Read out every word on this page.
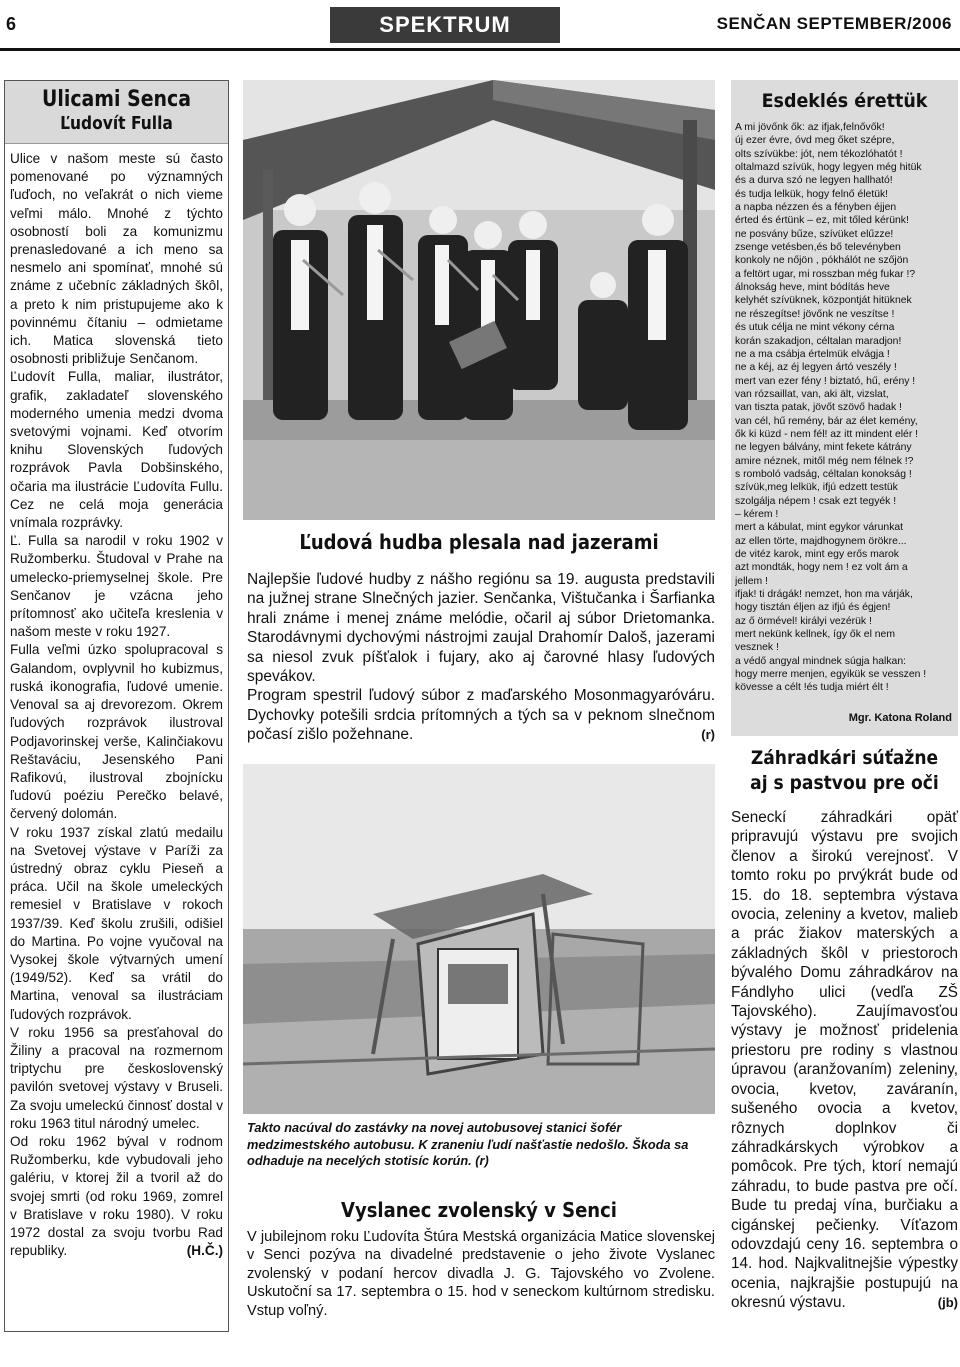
6	SPEKTRUM	SENČAN SEPTEMBER/2006
Ulicami Senca
Ľudovít Fulla

Ulice v našom meste sú často pomenované po významných ľuďoch, no veľakrát o nich vieme veľmi málo. Mnohé z týchto osobností boli za komunizmu prenasledované a ich meno sa nesmelo ani spomínať, mnohé sú známe z učebníc základných škôl, a preto k nim pristupujeme ako k povinnému čítaniu – odmietame ich. Matica slovenská tieto osobnosti približuje Senčanom.

Ľudovít Fulla, maliar, ilustrátor, grafik, zakladateľ slovenského moderného umenia medzi dvoma svetovými vojnami. Keď otvorím knihu Slovenských ľudových rozprávok Pavla Dobšinského, očaria ma ilustrácie Ľudovíta Fullu. Cez ne celá moja generácia vnímala rozprávky.

Ľ. Fulla sa narodil v roku 1902 v Ružomberku. Študoval v Prahe na umelecko-priemyselnej škole. Pre Senčanov je vzácna jeho prítomnosť ako učiteľa kreslenia v našom meste v roku 1927.

Fulla veľmi úzko spolupracoval s Galandom, ovplyvnil ho kubizmus, ruská ikonografia, ľudové umenie. Venoval sa aj drevorezom. Okrem ľudových rozprávok ilustroval Podjavorinskej verše, Kalinčiakovu Reštaváciu, Jesenského Pani Rafikovú, ilustroval zbojnícku ľudovú poéziu Perečko belavé, červený dolomán.

V roku 1937 získal zlatú medailu na Svetovej výstave v Paríži za ústredný obraz cyklu Pieseň a práca. Učil na škole umeleckých remesiel v Bratislave v rokoch 1937/39. Keď školu zrušili, odišiel do Martina. Po vojne vyučoval na Vysokej škole výtvarných umení (1949/52). Keď sa vrátil do Martina, venoval sa ilustráciam ľudových rozprávok.

V roku 1956 sa presťahoval do Žiliny a pracoval na rozmernom triptychu pre československý pavilón svetovej výstavy v Bruseli. Za svoju umeleckú činnosť dostal v roku 1963 titul národný umelec.

Od roku 1962 býval v rodnom Ružomberku, kde vybudovali jeho galériu, v ktorej žil a tvoril až do svojej smrti (od roku 1969, zomrel v Bratislave v roku 1980). V roku 1972 dostal za svoju tvorbu Rad republiky.	(H.Č.)

Ľudová hudba plesala nad jazerami

Najlepšie ľudové hudby z nášho regiónu sa 19. augusta predstavili na južnej strane Slnečných jazier. Senčanka, Vištučanka i Šarfianka hrali známe i menej známe melódie, očaril aj súbor Drietomanka. Starodávnymi dychovými nástrojmi zaujal Drahomír Daloš, jazerami sa niesol zvuk píšťalok i fujary, ako aj čarovné hlasy ľudových spevákov.

Program spestril ľudový súbor z maďarského Mosonmagyaróváru. Dychovky potešili srdcia prítomných a tých sa v peknom slnečnom počasí zišlo požehnane.	(r)

Takto nacúval do zastávky na novej autobusovej stanici šofér medzimestského autobusu. K zraneniu ľudí našťastie nedošlo. Škoda sa odhaduje na necelých stotisíc korún. (r)
Vyslanec zvolenský v Senci
V jubilejnom roku Ľudovíta Štúra Mestská organizácia Matice slovenskej v Senci pozýva na divadelné predstavenie o jeho živote Vyslanec zvolenský v podaní hercov divadla J. G. Tajovského vo Zvolene. Uskutoční sa 17. septembra o 15. hod v seneckom kultúrnom stredisku. Vstup voľný.
Esdeklés érettük
A mi jövőnk ők: az ifjak,felnővők!
új ezer évre, óvd meg őket szépre,
olts szívükbe: jót, nem tékozlóhatót !
oltalmazd szívük, hogy legyen még hitük
és a durva szó ne legyen hallható!
és tudja lelkük, hogy felnő életük!
a napba nézzen és a fényben éjjen
érted és értünk – ez, mit tőled kérünk!
ne posvány bűze, szívüket elűzze!
zsenge vetésben,és bő televényben
konkoly ne nőjön , pókhálót ne szőjön
a feltört ugar, mi rosszban még fukar !?
álnokság heve, mint bódítás heve
kelyhét szívüknek, központját hitüknek
ne részegítse! jövőnk ne veszítse !
és utuk célja ne mint vékony cérna
korán szakadjon, céltalan maradjon!
ne a ma csábja értelmük elvágja !
ne a kéj, az éj legyen ártó veszély !
mert van ezer fény ! biztató, hű, erény !
van rózsaillat, van, aki ält, vizslat,
van tiszta patak, jövőt szövő hadak !
van cél, hű remény, bár az élet kemény,
ők ki küzd - nem fél! az itt mindent elér !
ne legyen bálvány, mint fekete kátrány
amire néznek, mitől még nem félnek !?
s romboló vadság, céltalan konokság !
szívük,meg lelkük, ifjú edzett testük
szolgálja népem ! csak ezt tegyék !
– kérem !
mert a kábulat, mint egykor várunkat
az ellen törte, majdhogynem örökre...
de vitéz karok, mint egy erős marok
azt mondták, hogy nem ! ez volt ám a
jellem !
ifjak! ti drágák! nemzet, hon ma várják,
hogy tisztán éljen az ifjú és égjen!
az ő örmével! királyi vezérük !
mert nekünk kellnek, így ők el nem
vesznek !
a védő angyal mindnek súgja halkan:
hogy merre menjen, egyikük se vesszen !
kövesse a célt !és tudja miért élt !
Mgr. Katona Roland
Záhradkári súťažne
aj s pastvou pre oči
Seneckí záhradkári opäť pripravujú výstavu pre svojich členov a širokú verejnosť. V tomto roku po prvýkrát bude od 15. do 18. septembra výstava ovocia, zeleniny a kvetov, malieb a prác žiakov materských a základných škôl v priestoroch bývalého Domu záhradkárov na Fándlyho ulici (vedľa ZŠ Tajovského). Zaujímavosťou výstavy je možnosť pridelenia priestoru pre rodiny s vlastnou úpravou (aranžovaním) zeleniny, ovocia, kvetov, zaváranín, sušeného ovocia a kvetov, rôznych doplnkov či záhradkárskych výrobkov a pomôcok. Pre tých, ktorí nemajú záhradu, to bude pastva pre očí. Bude tu predaj vína, burčiaku a cigánskej pečienky. Víťazom odovzdajú ceny 16. septembra o 14. hod. Najkvalitnejšie výpestky ocenia, najkrajšie postupujú na okresnú výstavu.	(jb)
